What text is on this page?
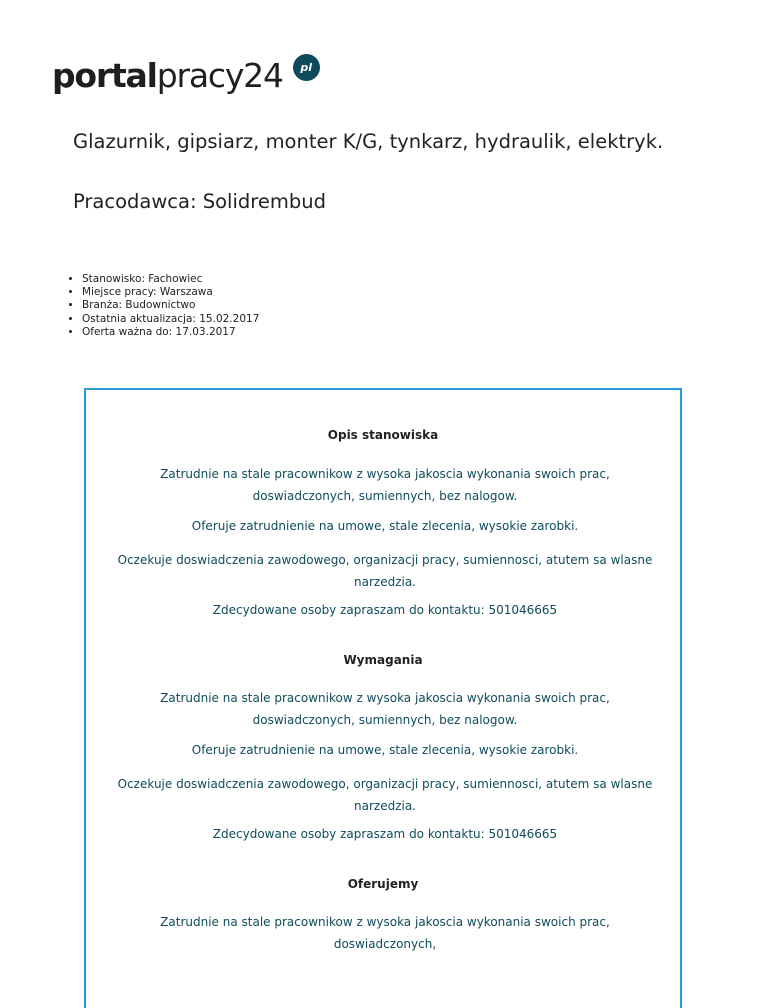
portalpracy24	pl
Glazurnik, gipsiarz, monter K/G, tynkarz, hydraulik, elektryk.
Pracodawca: Solidrembud
• Stanowisko: Fachowiec
• Miejsce pracy: Warszawa
• Branża: Budownictwo
• Ostatnia aktualizacja: 15.02.2017
• Oferta ważna do: 17.03.2017
Opis stanowiska
Zatrudnie na stale pracownikow z wysoka jakoscia wykonania swoich prac, doswiadczonych, sumiennych, bez nalogow.
Oferuje zatrudnienie na umowe, stale zlecenia, wysokie zarobki.
Oczekuje doswiadczenia zawodowego, organizacji pracy, sumiennosci, atutem sa wlasne narzedzia.
Zdecydowane osoby zapraszam do kontaktu: 501046665
Wymagania
Zatrudnie na stale pracownikow z wysoka jakoscia wykonania swoich prac, doswiadczonych, sumiennych, bez nalogow.
Oferuje zatrudnienie na umowe, stale zlecenia, wysokie zarobki.
Oczekuje doswiadczenia zawodowego, organizacji pracy, sumiennosci, atutem sa wlasne narzedzia.
Zdecydowane osoby zapraszam do kontaktu: 501046665
Oferujemy
Zatrudnie na stale pracownikow z wysoka jakoscia wykonania swoich prac, doswiadczonych,
